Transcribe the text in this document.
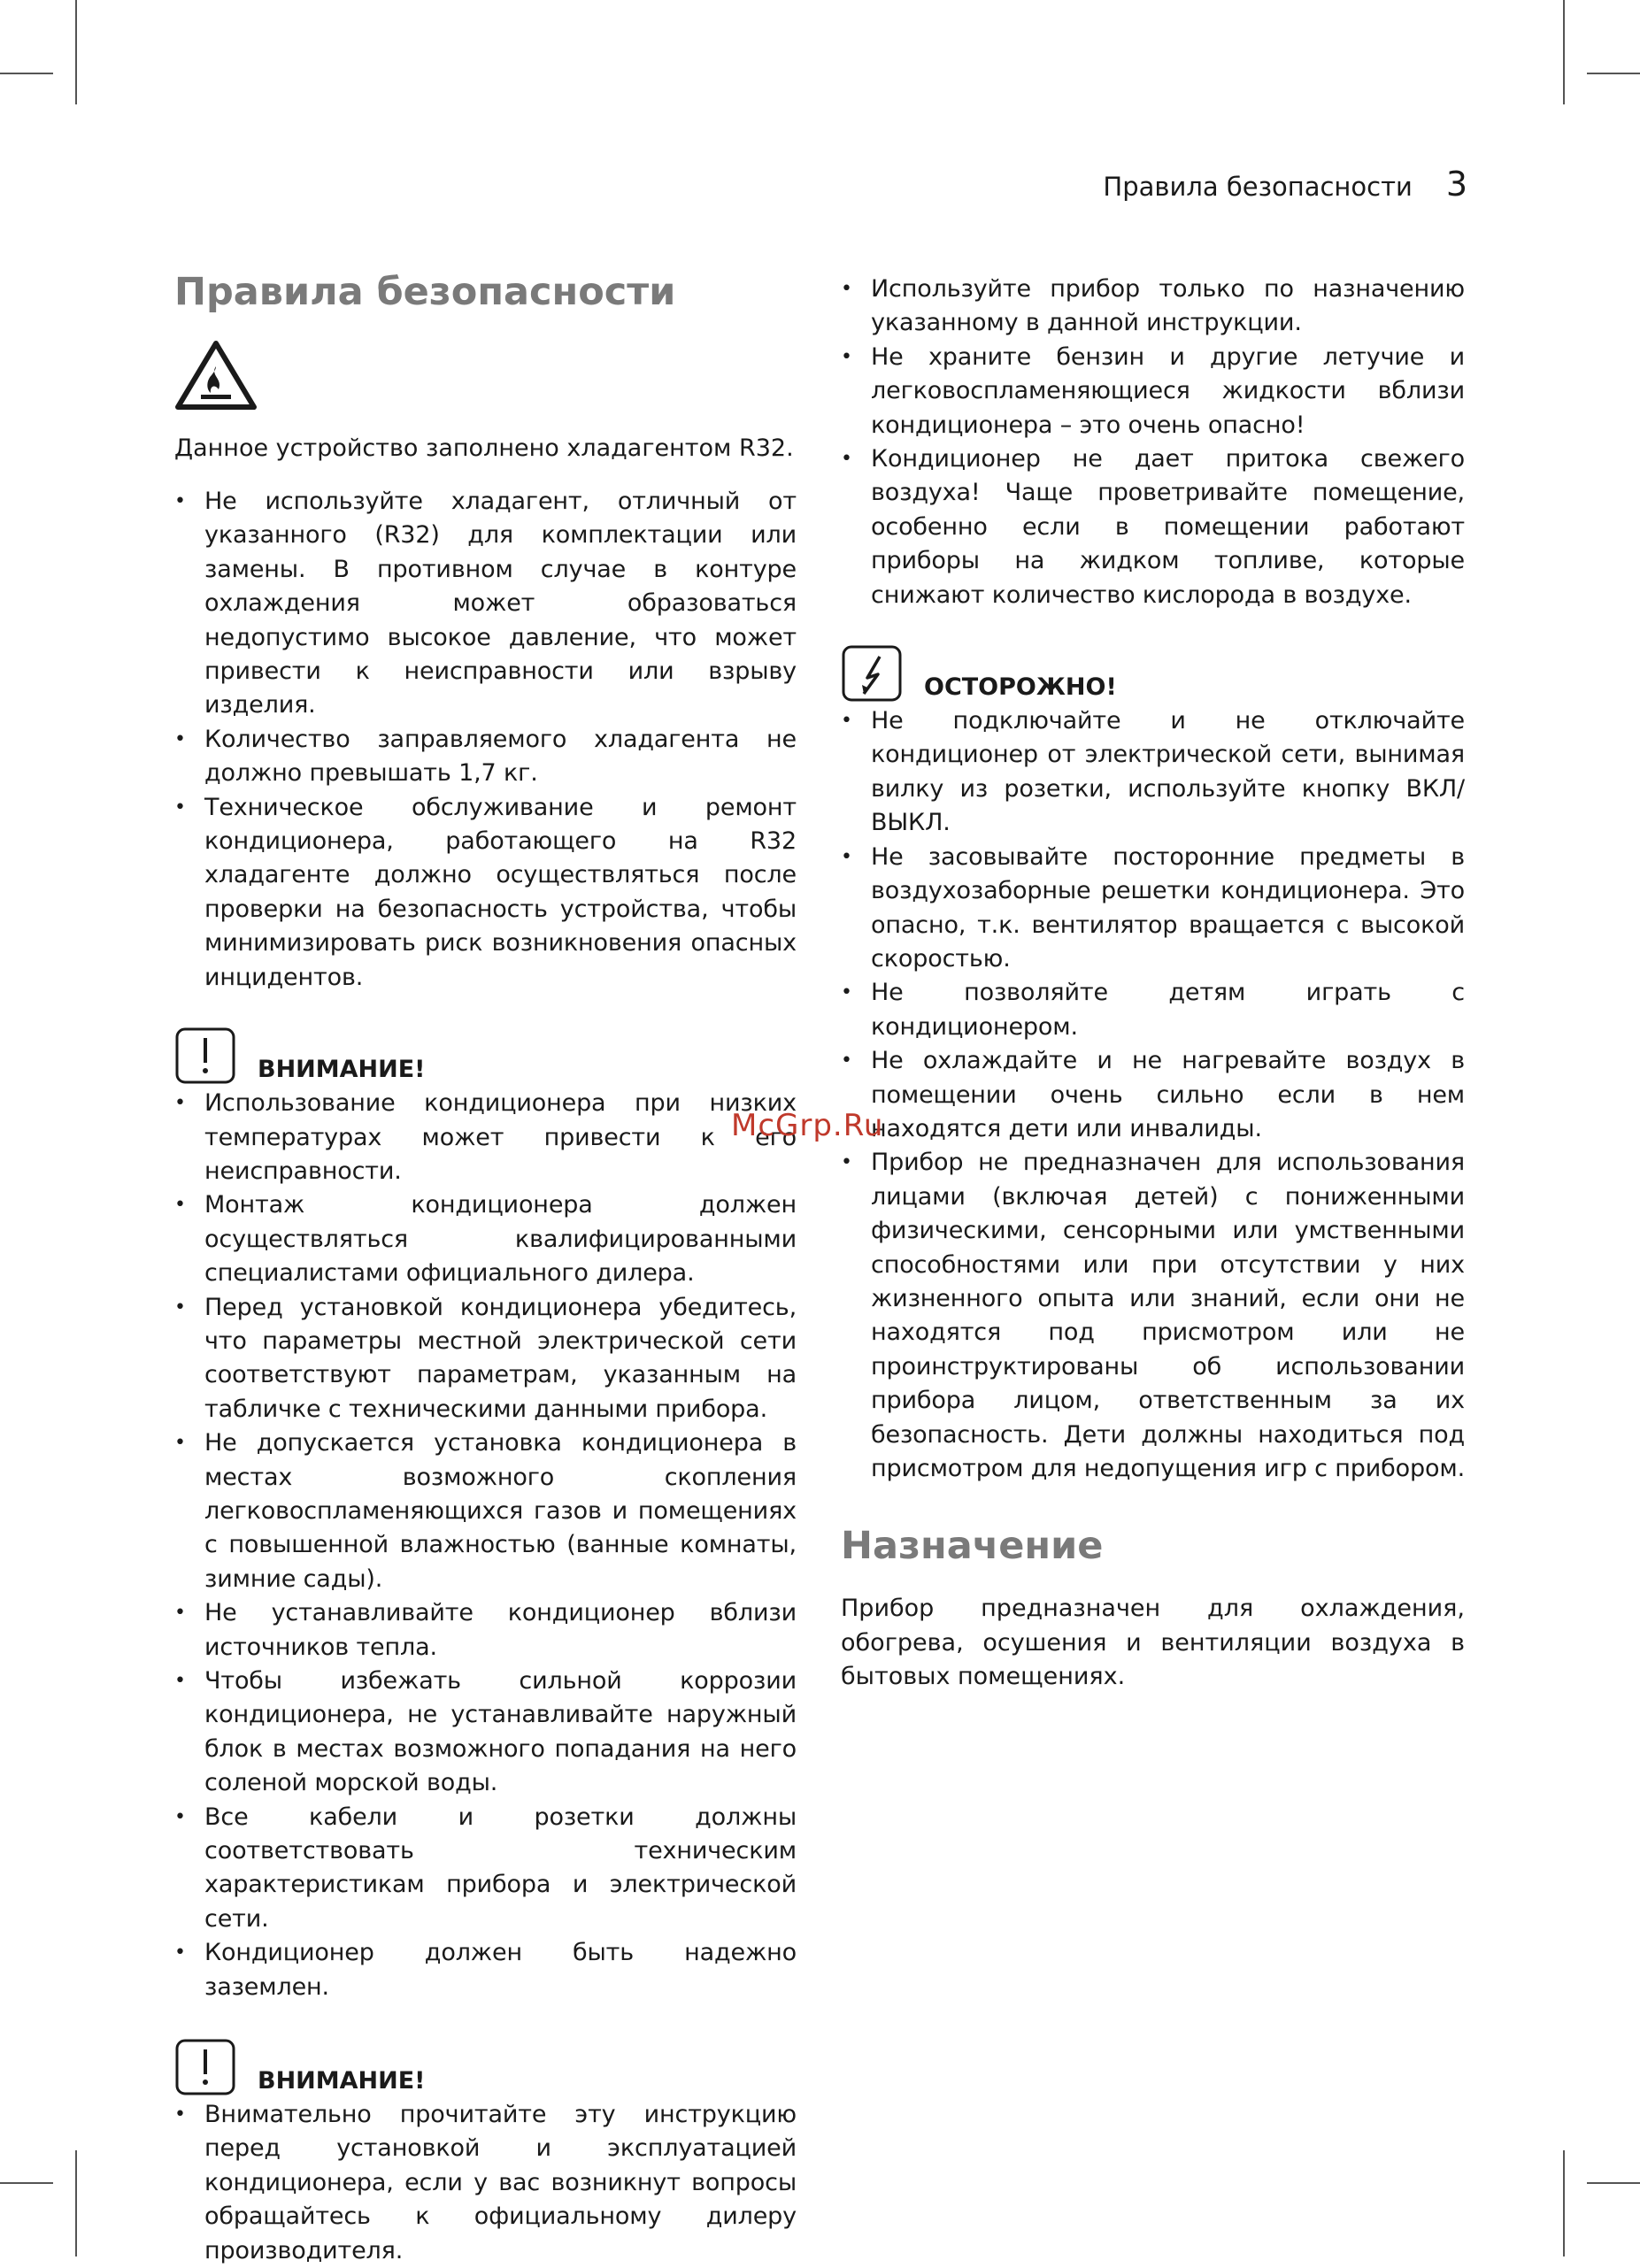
Правила безопасности 3
Правила безопасности

Данное устройство заполнено хладагентом R32.

• Не используйте хладагент, отличный от указанного (R32) для комплектации или замены. В противном случае в контуре охлаждения может образоваться недопустимо высокое давление, что может привести к неисправности или взрыву изделия.
• Количество заправляемого хладагента не должно превышать 1,7 кг.
• Техническое обслуживание и ремонт кондиционера, работающего на R32 хладагенте должно осуществляться после проверки на безопасность устройства, чтобы минимизировать риск возникновения опасных инцидентов.
ВНИМАНИЕ!
• Использование кондиционера при низких температурах может привести к его неисправности.
• Монтаж кондиционера должен осуществляться квалифицированными специалистами официального дилера.
• Перед установкой кондиционера убедитесь, что параметры местной электрической сети соответствуют параметрам, указанным на табличке с техническими данными прибора.
• Не допускается установка кондиционера в местах возможного скопления легковоспламеняющихся газов и помещениях с повышенной влажностью (ванные комнаты, зимние сады).
• Не устанавливайте кондиционер вблизи источников тепла.
• Чтобы избежать сильной коррозии кондиционера, не устанавливайте наружный блок в местах возможного попадания на него соленой морской воды.
• Все кабели и розетки должны соответствовать техническим характеристикам прибора и электрической сети.
• Кондиционер должен быть надежно заземлен.
ВНИМАНИЕ!
• Внимательно прочитайте эту инструкцию перед установкой и эксплуатацией кондиционера, если у вас возникнут вопросы обращайтесь к официальному дилеру производителя.
• Используйте прибор только по назначению указанному в данной инструкции.
• Не храните бензин и другие летучие и легковоспламеняющиеся жидкости вблизи кондиционера – это очень опасно!
• Кондиционер не дает притока свежего воздуха! Чаще проветривайте помещение, особенно если в помещении работают приборы на жидком топливе, которые снижают количество кислорода в воздухе.
ОСТОРОЖНО!
• Не подключайте и не отключайте кондиционер от электрической сети, вынимая вилку из розетки, используйте кнопку ВКЛ/ВЫКЛ.
• Не засовывайте посторонние предметы в воздухозаборные решетки кондиционера. Это опасно, т.к. вентилятор вращается с высокой скоростью.
• Не позволяйте детям играть с кондиционером.
• Не охлаждайте и не нагревайте воздух в помещении очень сильно если в нем находятся дети или инвалиды.
• Прибор не предназначен для использования лицами (включая детей) с пониженными физическими, сенсорными или умственными способностями или при отсутствии у них жизненного опыта или знаний, если они не находятся под присмотром или не проинструктированы об использовании прибора лицом, ответственным за их безопасность. Дети должны находиться под присмотром для недопущения игр с прибором.
Назначение

Прибор предназначен для охлаждения, обогрева, осушения и вентиляции воздуха в бытовых помещениях.

McGrp.Ru
